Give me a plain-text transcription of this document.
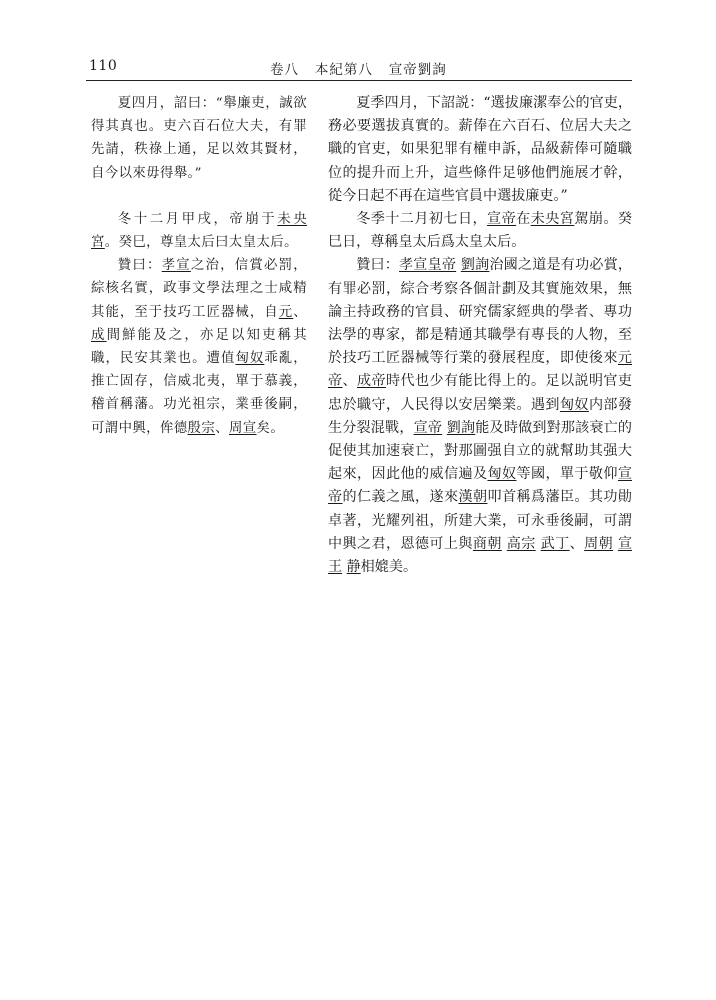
110	卷八   本紀第八   宣帝劉詢

夏四月，詔曰：“舉廉吏，誠欲得其真也。吏六百石位大夫，有罪先請，秩祿上通，足以效其賢材，自今以來毋得舉。”

冬十二月甲戌，帝崩于未央宮。癸巳，尊皇太后曰太皇太后。

贊曰：孝宣之治，信賞必罰，綜核名實，政事文學法理之士咸精其能，至于技巧工匠器械，自元、成間鮮能及之，亦足以知吏稱其職，民安其業也。遭值匈奴乖亂，推亡固存，信威北夷，單于慕義，稽首稱藩。功光祖宗，業垂後嗣，可謂中興，侔德殷宗、周宣矣。

夏季四月，下詔説：“選拔廉潔奉公的官吏，務必要選拔真實的。薪俸在六百石、位居大夫之職的官吏，如果犯罪有權申訴，品級薪俸可隨職位的提升而上升，這些條件足够他們施展才幹，從今日起不再在這些官員中選拔廉吏。”

冬季十二月初七日，宣帝在未央宮駕崩。癸巳日，尊稱皇太后爲太皇太后。

贊曰：孝宣皇帝 劉詢治國之道是有功必賞，有罪必罰，綜合考察各個計劃及其實施效果，無論主持政務的官員、研究儒家經典的學者、專功法學的專家，都是精通其職學有專長的人物，至於技巧工匠器械等行業的發展程度，即使後來元帝、成帝時代也少有能比得上的。足以説明官吏忠於職守，人民得以安居樂業。遇到匈奴内部發生分裂混戰，宣帝 劉詢能及時做到對那該衰亡的促使其加速衰亡，對那圖强自立的就幫助其强大起來，因此他的威信遍及匈奴等國，單于敬仰宣帝的仁義之風，遂來漢朝叩首稱爲藩臣。其功勛卓著，光耀列祖，所建大業，可永垂後嗣，可謂中興之君，恩德可上與商朝 高宗 武丁、周朝 宣王 静相媲美。
